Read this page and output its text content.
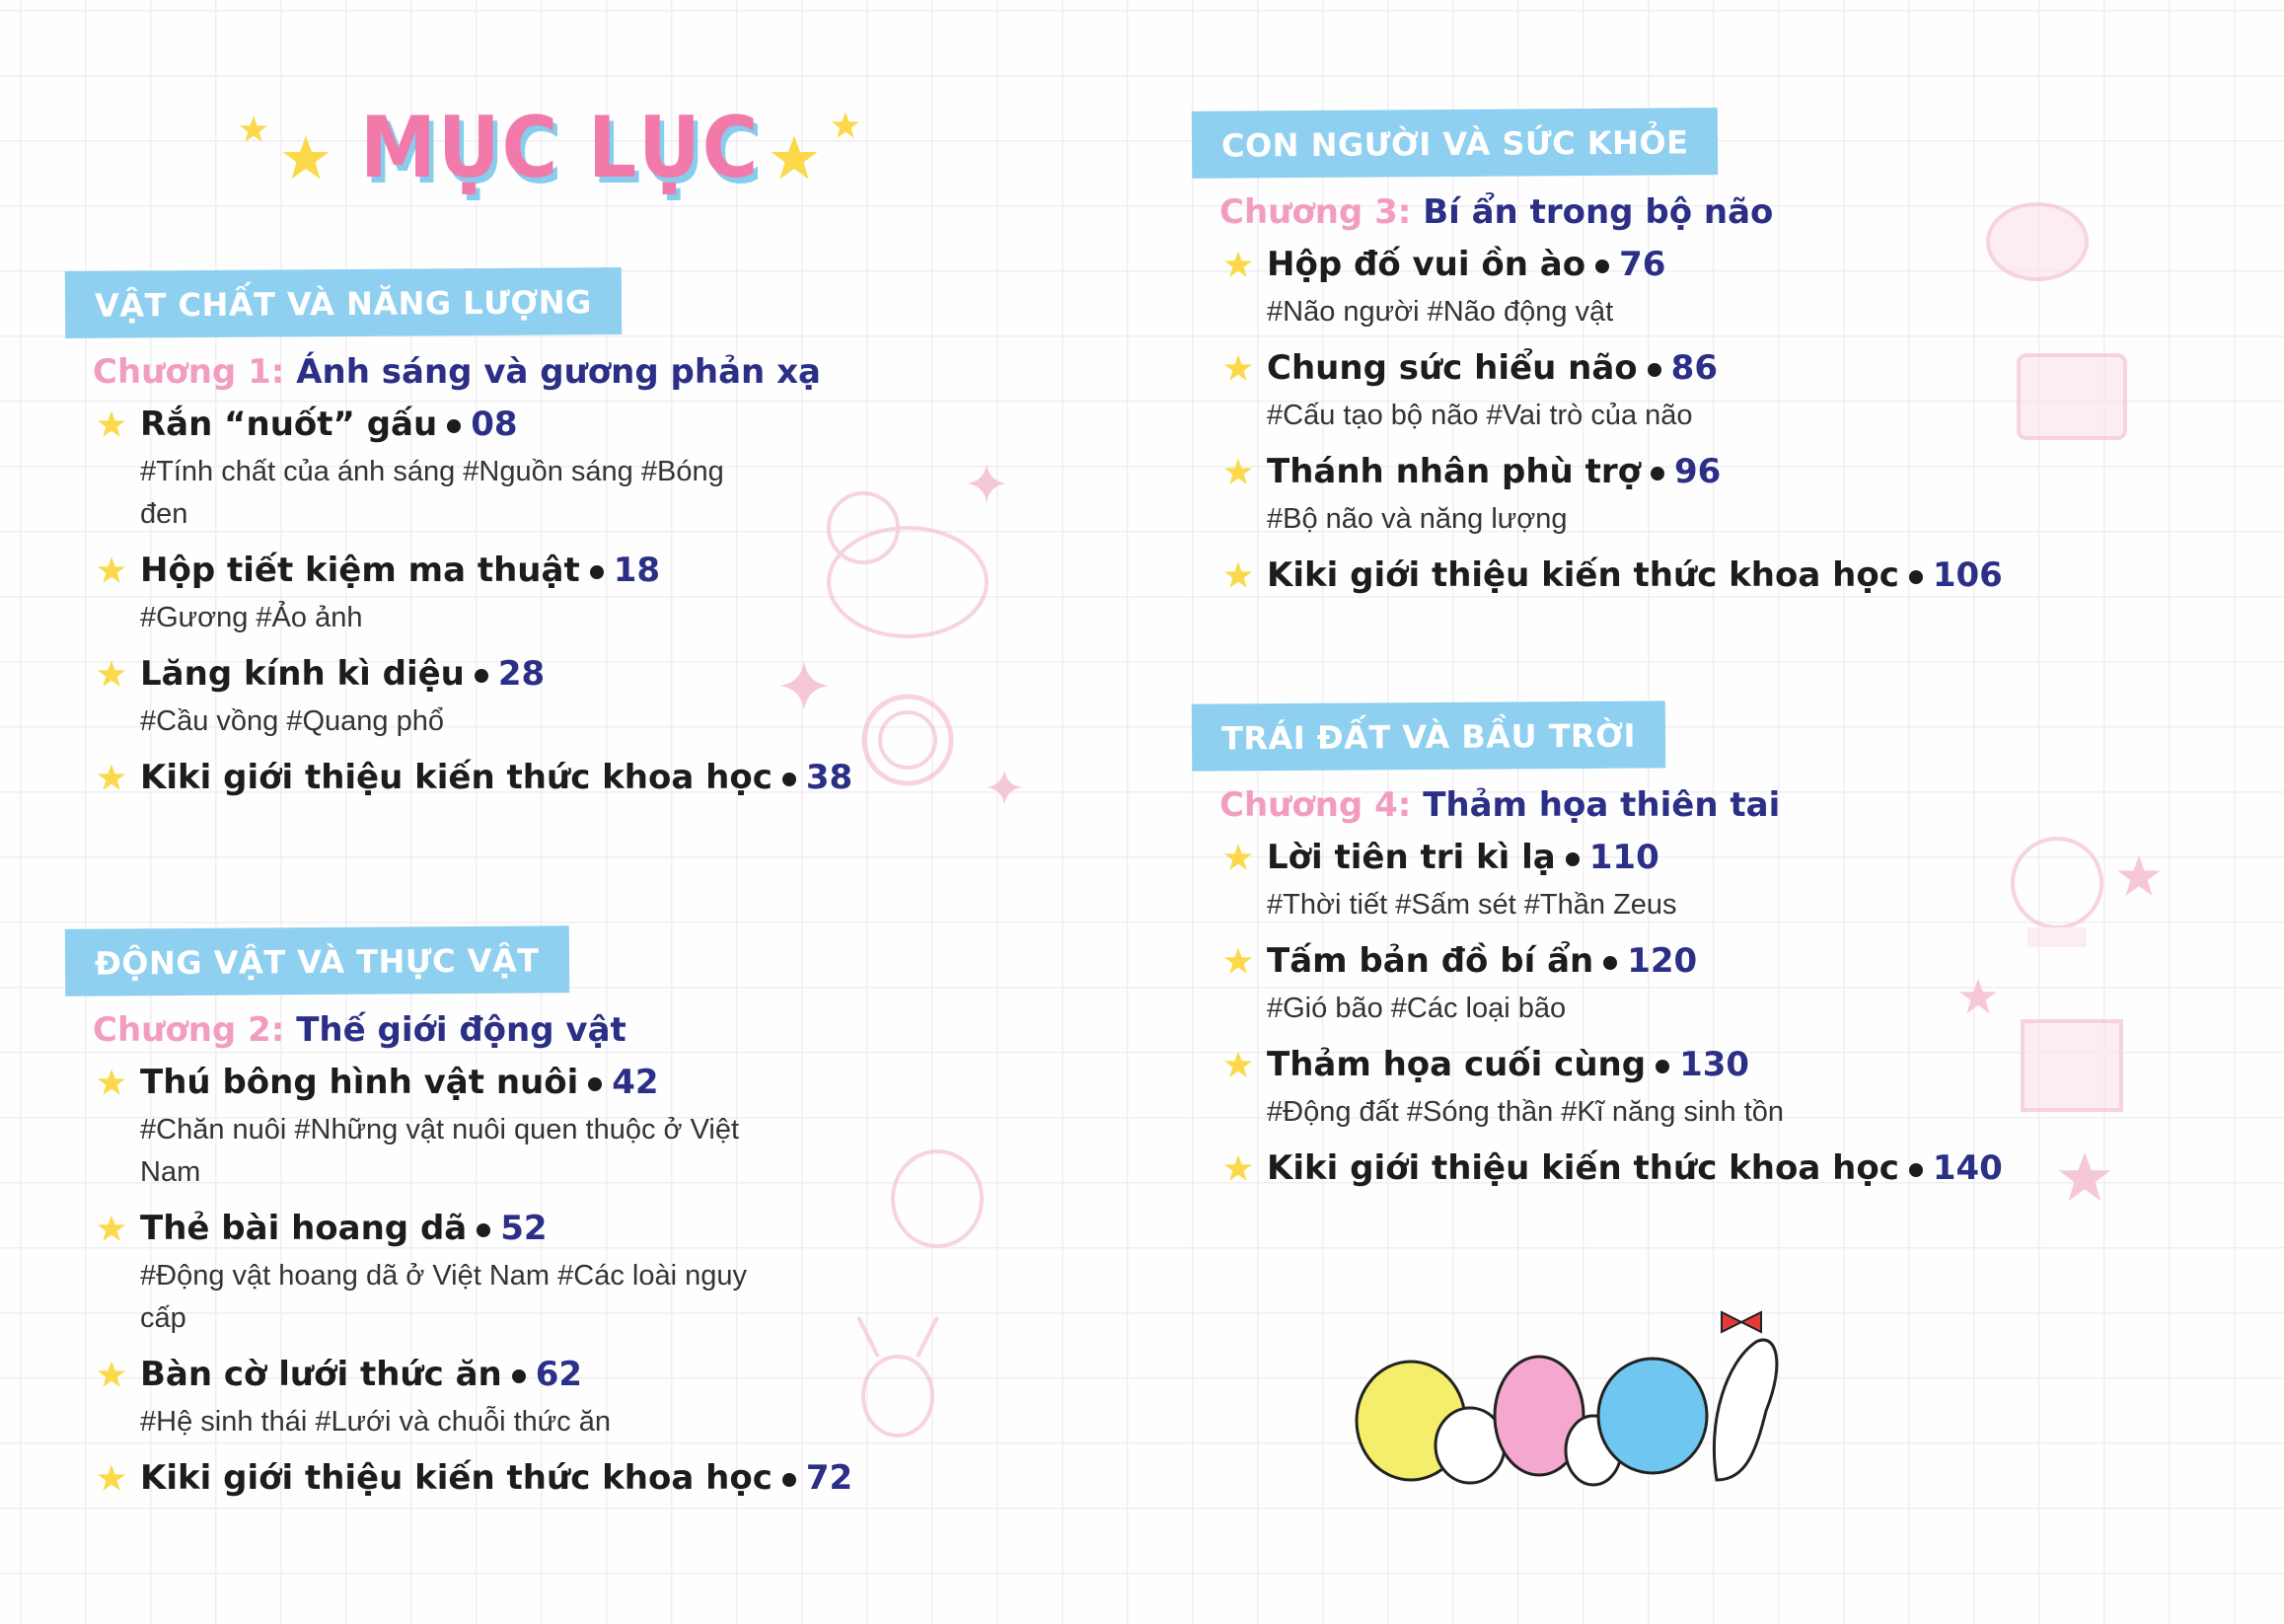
MỤC LỤC
VẬT CHẤT VÀ NĂNG LƯỢNG
Chương 1: Ánh sáng và gương phản xạ
Rắn “nuốt” gấu 08
#Tính chất của ánh sáng #Nguồn sáng #Bóng đen
Hộp tiết kiệm ma thuật 18
#Gương #Ảo ảnh
Lăng kính kì diệu 28
#Cầu vồng #Quang phổ
Kiki giới thiệu kiến thức khoa học 38
ĐỘNG VẬT VÀ THỰC VẬT
Chương 2: Thế giới động vật
Thú bông hình vật nuôi 42
#Chăn nuôi #Những vật nuôi quen thuộc ở Việt Nam
Thẻ bài hoang dã 52
#Động vật hoang dã ở Việt Nam #Các loài nguy cấp
Bàn cờ lưới thức ăn 62
#Hệ sinh thái #Lưới và chuỗi thức ăn
Kiki giới thiệu kiến thức khoa học 72
CON NGƯỜI VÀ SỨC KHỎE
Chương 3: Bí ẩn trong bộ não
Hộp đố vui ồn ào 76
#Não người #Não động vật
Chung sức hiểu não 86
#Cấu tạo bộ não #Vai trò của não
Thánh nhân phù trợ 96
#Bộ não và năng lượng
Kiki giới thiệu kiến thức khoa học 106
TRÁI ĐẤT VÀ BẦU TRỜI
Chương 4: Thảm họa thiên tai
Lời tiên tri kì lạ 110
#Thời tiết #Sấm sét #Thần Zeus
Tấm bản đồ bí ẩn 120
#Gió bão #Các loại bão
Thảm họa cuối cùng 130
#Động đất #Sóng thần #Kĩ năng sinh tồn
Kiki giới thiệu kiến thức khoa học 140
